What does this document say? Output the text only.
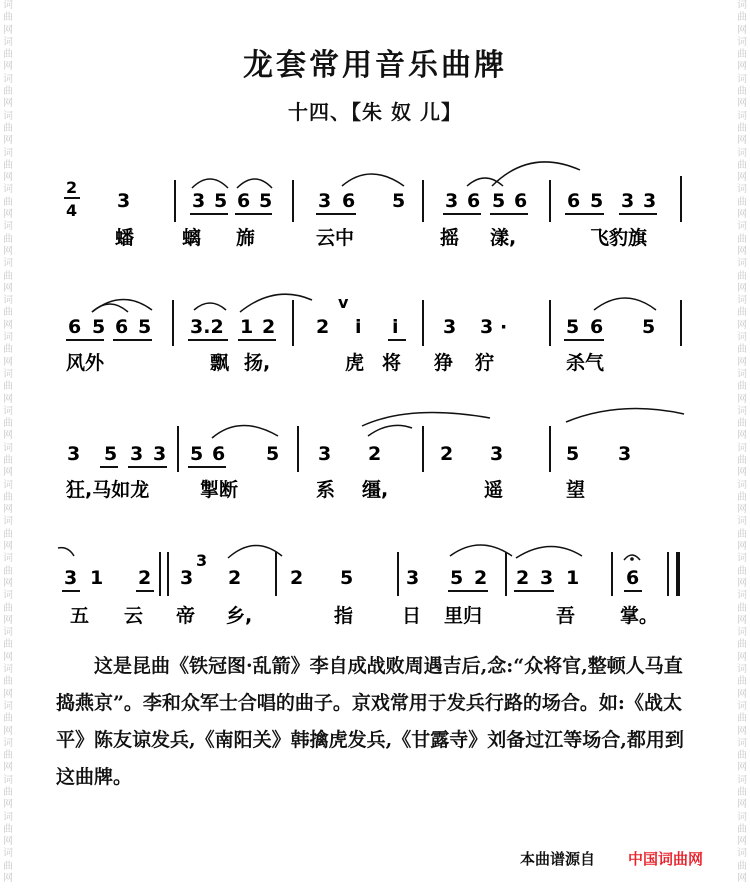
词曲网词曲网词曲网词曲网词曲网词曲网词曲网词曲网词曲网词曲网词曲网词曲网词曲网词曲网词曲网词曲网词曲网词曲网词曲网词曲网词曲网词曲网词曲网词曲网
词曲网词曲网词曲网词曲网词曲网词曲网词曲网词曲网词曲网词曲网词曲网词曲网词曲网词曲网词曲网词曲网词曲网词曲网词曲网词曲网词曲网词曲网词曲网词曲网
龙套常用音乐曲牌
十四、【朱 奴 儿】
2
4 3	3 5 6 5 3 6 5 3 6 5 6 6 5 3 3
蟠	螭 旆	云中	摇 漾,	飞豹旗
6 5 6 5 3.2 1 2 2
v
i i 3 3 ·	5 6 5
风外	飘 扬,	虎 将 狰 狞	杀气
3 5 3 3 5 6 5 3 2	2 3	5 3
狂,马如龙	掣断	系 缰,	遥	望
3 1 2
3
3 2	2 5	3 5 2 2 3 1 6
五 云 帝 乡,	指	日 里归	吾 掌。
这是昆曲《铁冠图·乱箭》李自成战败周遇吉后,念:“众将官,整顿人马直捣燕京”。李和众军士合唱的曲子。京戏常用于发兵行路的场合。如:《战太平》陈友谅发兵,《南阳关》韩擒虎发兵,《甘露寺》刘备过江等场合,都用到这曲牌。
本曲谱源自 中国词曲网
